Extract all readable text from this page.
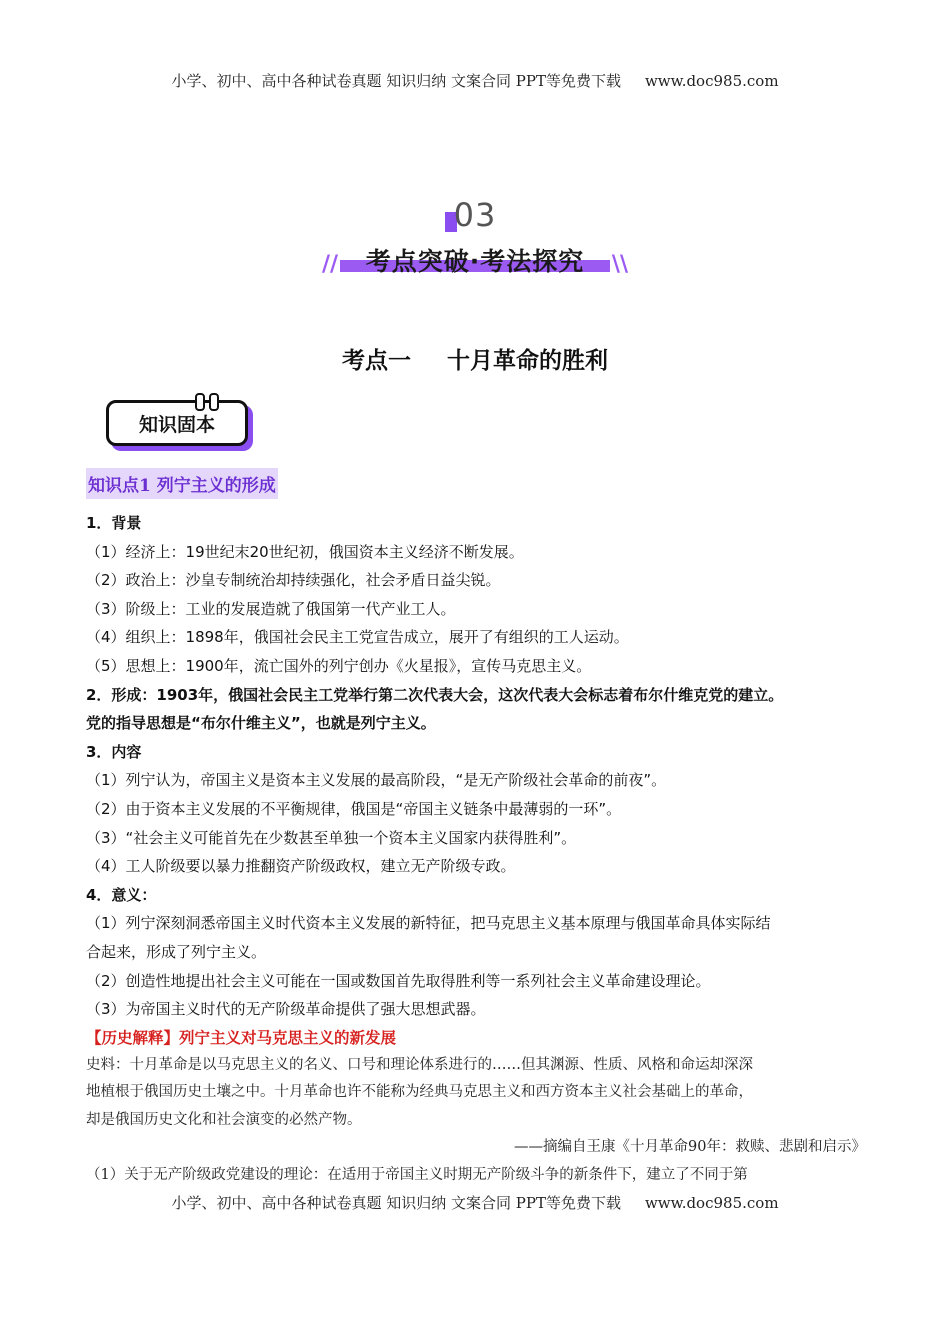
小学、初中、高中各种试卷真题 知识归纳 文案合同 PPT等免费下载 www.doc985.com
03
//	\\
考点突破·考法探究
考点一 十月革命的胜利
知识固本
知识点1 列宁主义的形成

1．背景

（1）经济上：19世纪末20世纪初，俄国资本主义经济不断发展。

（2）政治上：沙皇专制统治却持续强化，社会矛盾日益尖锐。

（3）阶级上：工业的发展造就了俄国第一代产业工人。

（4）组织上：1898年，俄国社会民主工党宣告成立，展开了有组织的工人运动。

（5）思想上：1900年，流亡国外的列宁创办《火星报》，宣传马克思主义。

2．形成：1903年，俄国社会民主工党举行第二次代表大会，这次代表大会标志着布尔什维克党的建立。

党的指导思想是“布尔什维主义”，也就是列宁主义。

3．内容

（1）列宁认为，帝国主义是资本主义发展的最高阶段，“是无产阶级社会革命的前夜”。

（2）由于资本主义发展的不平衡规律，俄国是“帝国主义链条中最薄弱的一环”。

（3）“社会主义可能首先在少数甚至单独一个资本主义国家内获得胜利”。

（4）工人阶级要以暴力推翻资产阶级政权，建立无产阶级专政。

4．意义：

（1）列宁深刻洞悉帝国主义时代资本主义发展的新特征，把马克思主义基本原理与俄国革命具体实际结

合起来，形成了列宁主义。

（2）创造性地提出社会主义可能在一国或数国首先取得胜利等一系列社会主义革命建设理论。

（3）为帝国主义时代的无产阶级革命提供了强大思想武器。

【历史解释】列宁主义对马克思主义的新发展
史料：十月革命是以马克思主义的名义、口号和理论体系进行的……但其渊源、性质、风格和命运却深深
地植根于俄国历史土壤之中。十月革命也许不能称为经典马克思主义和西方资本主义社会基础上的革命，
却是俄国历史文化和社会演变的必然产物。
——摘编自王康《十月革命90年：救赎、悲剧和启示》
（1）关于无产阶级政党建设的理论：在适用于帝国主义时期无产阶级斗争的新条件下，建立了不同于第
小学、初中、高中各种试卷真题 知识归纳 文案合同 PPT等免费下载 www.doc985.com
